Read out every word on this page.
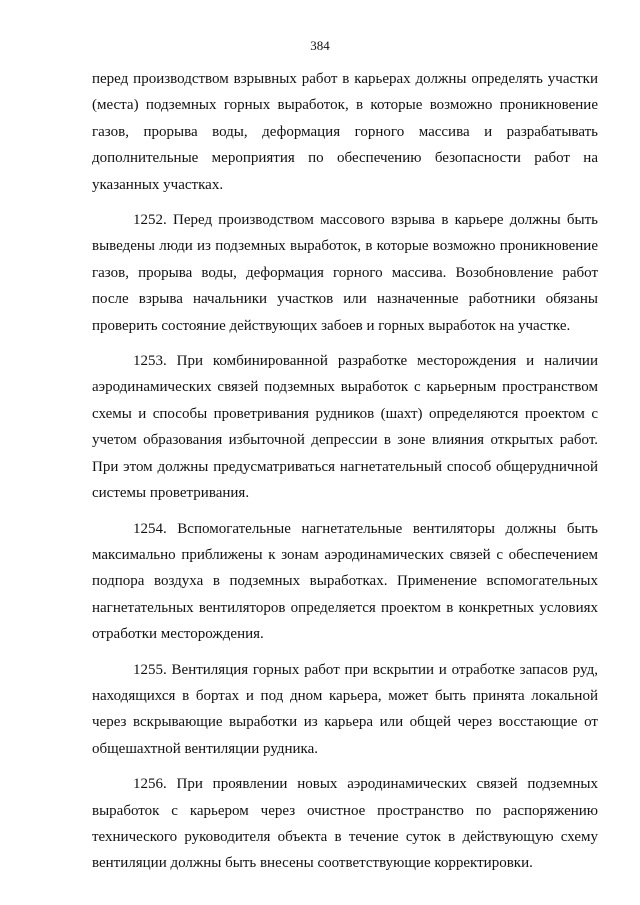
384

перед производством взрывных работ в карьерах должны определять участки (места) подземных горных выработок, в которые возможно проникновение газов, прорыва воды, деформация горного массива и разрабатывать дополнительные мероприятия по обеспечению безопасности работ на указанных участках.

1252. Перед производством массового взрыва в карьере должны быть выведены люди из подземных выработок, в которые возможно проникновение газов, прорыва воды, деформация горного массива. Возобновление работ после взрыва начальники участков или назначенные работники обязаны проверить состояние действующих забоев и горных выработок на участке.

1253. При комбинированной разработке месторождения и наличии аэродинамических связей подземных выработок с карьерным пространством схемы и способы проветривания рудников (шахт) определяются проектом с учетом образования избыточной депрессии в зоне влияния открытых работ. При этом должны предусматриваться нагнетательный способ общерудничной системы проветривания.

1254. Вспомогательные нагнетательные вентиляторы должны быть максимально приближены к зонам аэродинамических связей с обеспечением подпора воздуха в подземных выработках. Применение вспомогательных нагнетательных вентиляторов определяется проектом в конкретных условиях отработки месторождения.

1255. Вентиляция горных работ при вскрытии и отработке запасов руд, находящихся в бортах и под дном карьера, может быть принята локальной через вскрывающие выработки из карьера или общей через восстающие от общешахтной вентиляции рудника.

1256. При проявлении новых аэродинамических связей подземных выработок с карьером через очистное пространство по распоряжению технического руководителя объекта в течение суток в действующую схему вентиляции должны быть внесены соответствующие корректировки.
